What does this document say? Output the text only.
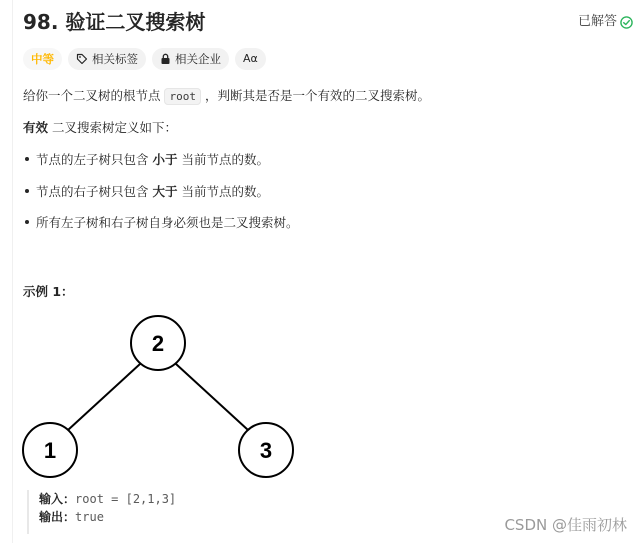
98. 验证二叉搜索树	已解答
中等	相关标签	相关企业 Aα
给你一个二叉树的根节点 root ，判断其是否是一个有效的二叉搜索树。
有效 二叉搜索树定义如下：
节点的左子树只包含 小于 当前节点的数。
节点的右子树只包含 大于 当前节点的数。
所有左子树和右子树自身必须也是二叉搜索树。
示例 1：
2
1	3
输入：root = [2,1,3]
输出：true	CSDN @佳雨初林
